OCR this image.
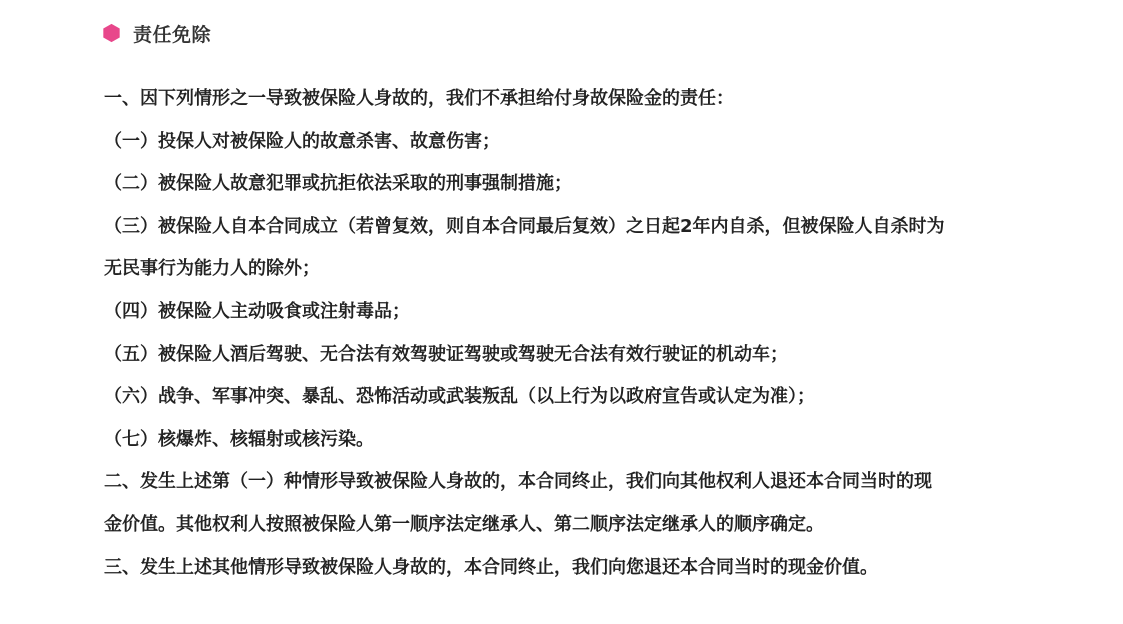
责任免除
一、因下列情形之一导致被保险人身故的，我们不承担给付身故保险金的责任：
（一）投保人对被保险人的故意杀害、故意伤害；
（二）被保险人故意犯罪或抗拒依法采取的刑事强制措施；
（三）被保险人自本合同成立（若曾复效，则自本合同最后复效）之日起2年内自杀，但被保险人自杀时为
无民事行为能力人的除外；
（四）被保险人主动吸食或注射毒品；
（五）被保险人酒后驾驶、无合法有效驾驶证驾驶或驾驶无合法有效行驶证的机动车；
（六）战争、军事冲突、暴乱、恐怖活动或武装叛乱（以上行为以政府宣告或认定为准）；
（七）核爆炸、核辐射或核污染。
二、发生上述第（一）种情形导致被保险人身故的，本合同终止，我们向其他权利人退还本合同当时的现
金价值。其他权利人按照被保险人第一顺序法定继承人、第二顺序法定继承人的顺序确定。
三、发生上述其他情形导致被保险人身故的，本合同终止，我们向您退还本合同当时的现金价值。
